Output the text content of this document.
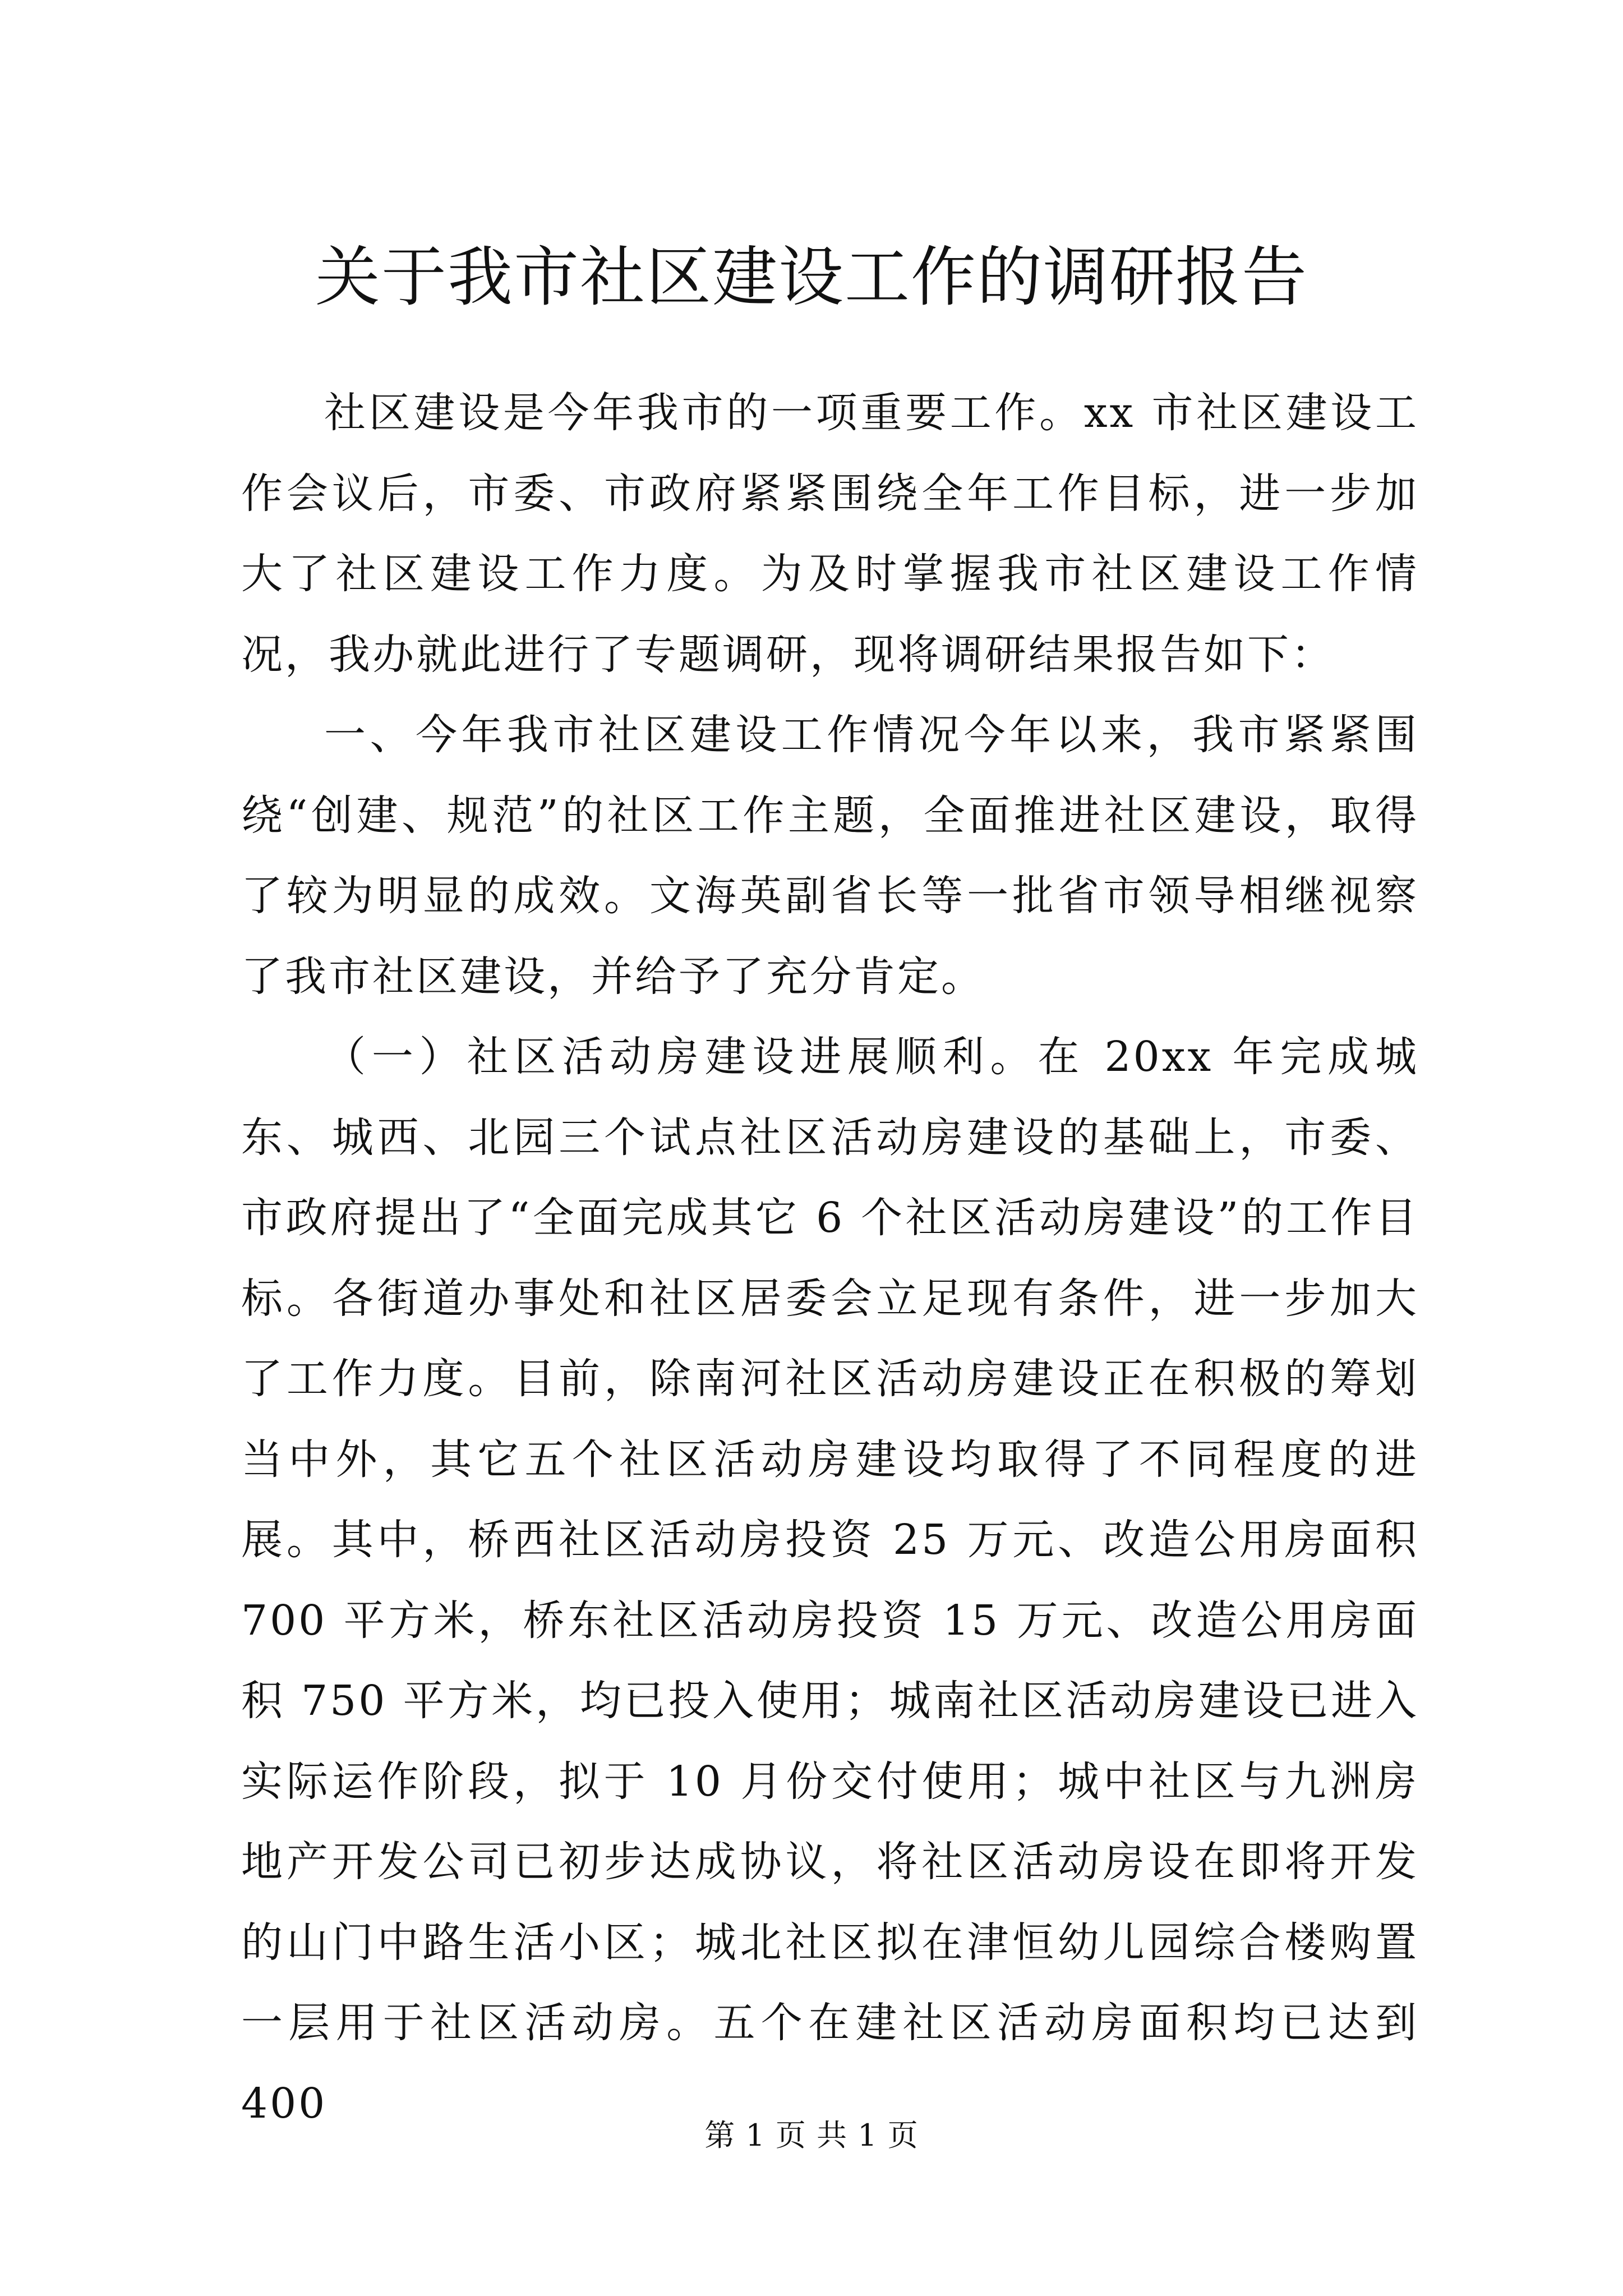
关于我市社区建设工作的调研报告

社区建设是今年我市的一项重要工作。xx 市社区建设工作会议后，市委、市政府紧紧围绕全年工作目标，进一步加大了社区建设工作力度。为及时掌握我市社区建设工作情况，我办就此进行了专题调研，现将调研结果报告如下：

一、今年我市社区建设工作情况今年以来，我市紧紧围绕“创建、规范”的社区工作主题，全面推进社区建设，取得了较为明显的成效。文海英副省长等一批省市领导相继视察了我市社区建设，并给予了充分肯定。

（一）社区活动房建设进展顺利。在 20xx 年完成城东、城西、北园三个试点社区活动房建设的基础上，市委、市政府提出了“全面完成其它 6 个社区活动房建设”的工作目标。各街道办事处和社区居委会立足现有条件，进一步加大了工作力度。目前，除南河社区活动房建设正在积极的筹划当中外，其它五个社区活动房建设均取得了不同程度的进展。其中，桥西社区活动房投资 25 万元、改造公用房面积 700 平方米，桥东社区活动房投资 15 万元、改造公用房面积 750 平方米，均已投入使用；城南社区活动房建设已进入实际运作阶段，拟于 10 月份交付使用；城中社区与九洲房地产开发公司已初步达成协议，将社区活动房设在即将开发的山门中路生活小区；城北社区拟在津恒幼儿园综合楼购置一层用于社区活动房。五个在建社区活动房面积均已达到 400

第 1 页 共 1 页
